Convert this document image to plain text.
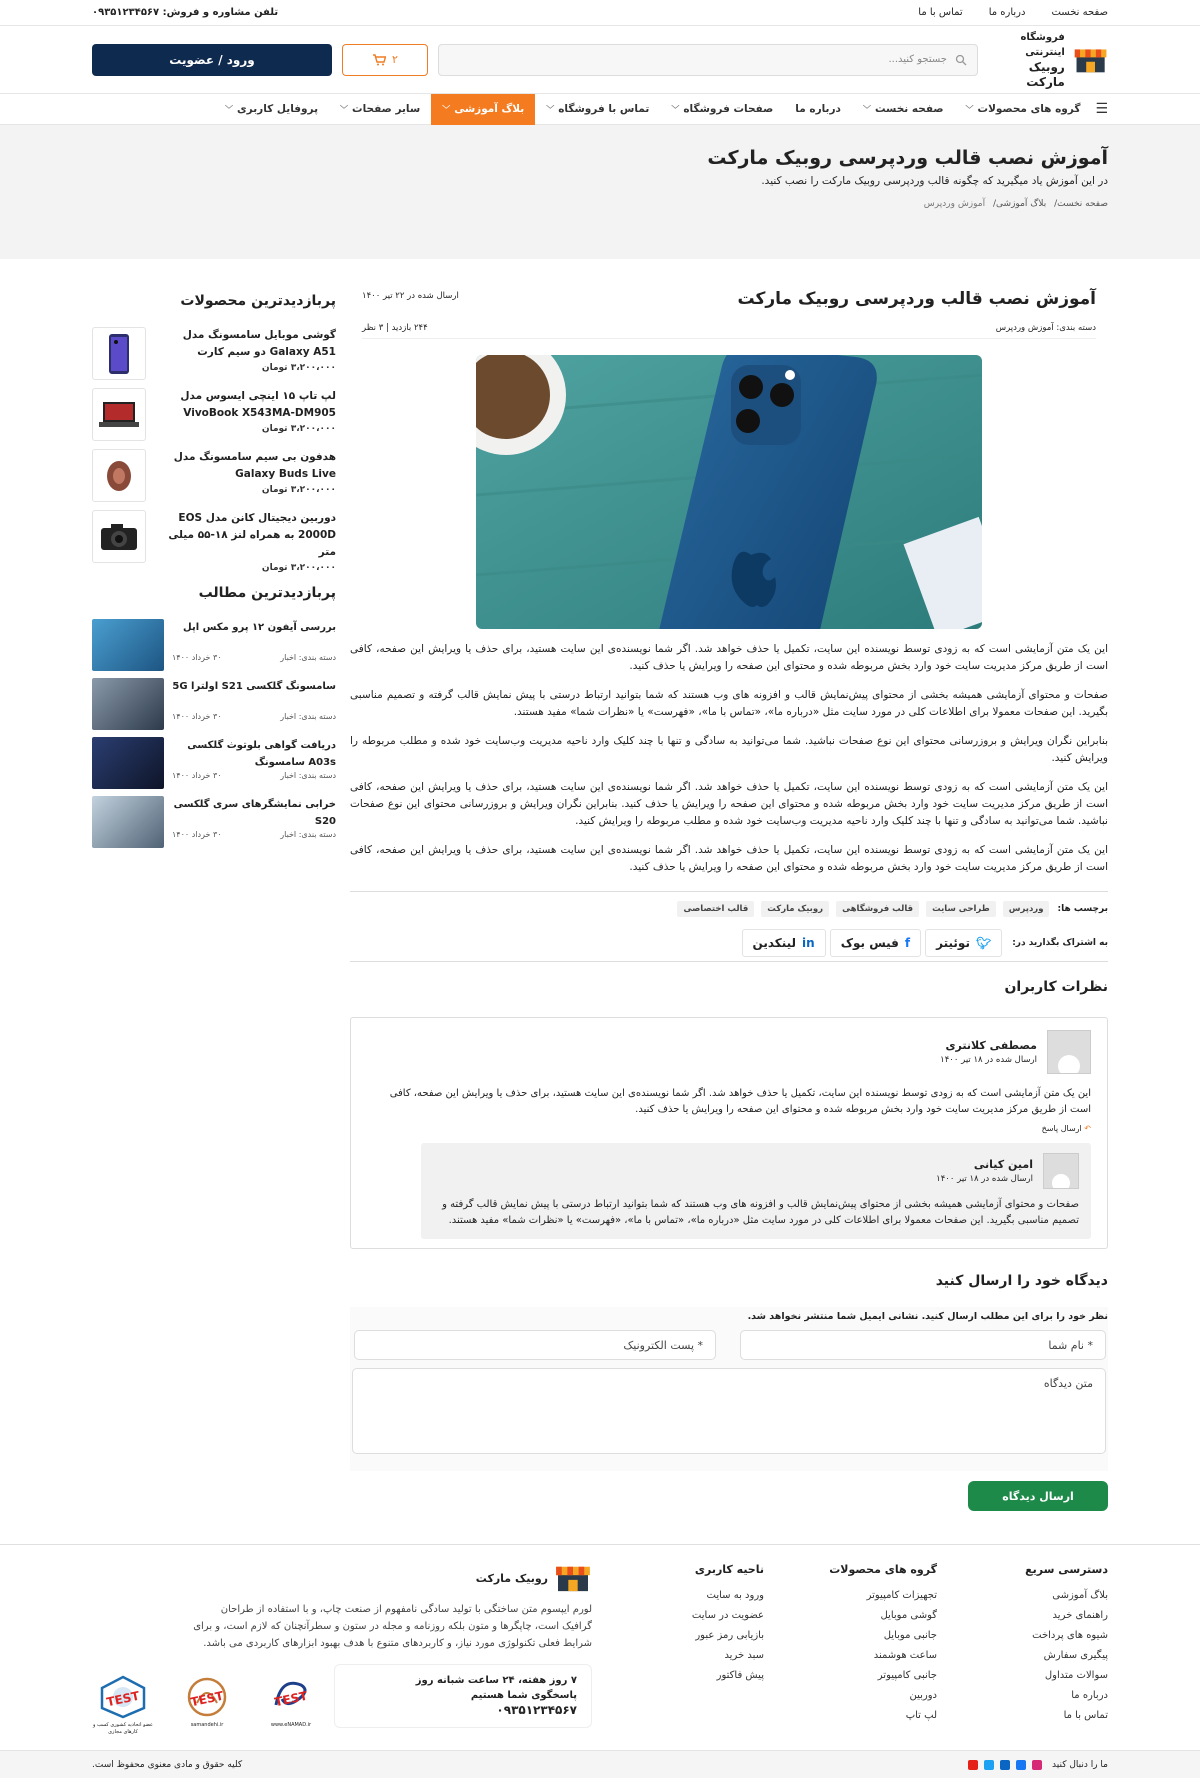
صفحه نخست
درباره ما
تماس با ما
تلفن مشاوره و فروش: ۰۹۳۵۱۲۳۴۵۶۷
فروشگاه اینترنتی
روبیک مارکت
جستجو کنید...
۲
ورود / عضویت
☰
گروه های محصولات
﹀
صفحه نخست
﹀
درباره ما
صفحات فروشگاه
﹀
تماس با فروشگاه
﹀
بلاگ آموزشی
﹀
سایر صفحات
﹀
پروفایل کاربری
﹀
آموزش نصب قالب وردپرسی روبیک مارکت

در این آموزش یاد میگیرید که چگونه قالب وردپرسی روبیک مارکت را نصب کنید.

صفحه نخست/ بلاگ آموزشی/ آموزش وردپرس
آموزش نصب قالب وردپرسی روبیک مارکت
ارسال شده در ۲۲ تیر ۱۴۰۰
دسته بندی: آموزش وردپرس
۲۴۴ بازدید | ۳ نظر

این یک متن آزمایشی است که به زودی توسط نویسنده این سایت، تکمیل یا حذف خواهد شد. اگر شما نویسنده‌ی این سایت هستید، برای حذف یا ویرایش این صفحه، کافی است از طریق مرکز مدیریت سایت خود وارد بخش مربوطه شده و محتوای این صفحه را ویرایش یا حذف کنید.

صفحات و محتوای آزمایشی همیشه بخشی از محتوای پیش‌نمایش قالب و افزونه های وب هستند که شما بتوانید ارتباط درستی با پیش نمایش قالب گرفته و تصمیم مناسبی بگیرید. این صفحات معمولا برای اطلاعات کلی در مورد سایت مثل «درباره ما»، «تماس با ما»، «فهرست» یا «نظرات شما» مفید هستند.

بنابراین نگران ویرایش و بروزرسانی محتوای این نوع صفحات نباشید. شما می‌توانید به سادگی و تنها با چند کلیک وارد ناحیه مدیریت وب‌سایت خود شده و مطلب مربوطه را ویرایش کنید.

این یک متن آزمایشی است که به زودی توسط نویسنده این سایت، تکمیل یا حذف خواهد شد. اگر شما نویسنده‌ی این سایت هستید، برای حذف یا ویرایش این صفحه، کافی است از طریق مرکز مدیریت سایت خود وارد بخش مربوطه شده و محتوای این صفحه را ویرایش یا حذف کنید. بنابراین نگران ویرایش و بروزرسانی محتوای این نوع صفحات نباشید. شما می‌توانید به سادگی و تنها با چند کلیک وارد ناحیه مدیریت وب‌سایت خود شده و مطلب مربوطه را ویرایش کنید.

این یک متن آزمایشی است که به زودی توسط نویسنده این سایت، تکمیل یا حذف خواهد شد. اگر شما نویسنده‌ی این سایت هستید، برای حذف یا ویرایش این صفحه، کافی است از طریق مرکز مدیریت سایت خود وارد بخش مربوطه شده و محتوای این صفحه را ویرایش یا حذف کنید.

برچسب ها:
وردپرس
طراحی سایت
قالب فروشگاهی
روبیک مارکت
قالب اختصاصی
به اشتراک بگذارید در:
🐦︎
توئیتر
f
فیس بوک
in
لینکدین
نظرات کاربران
مصطفی کلانتری
ارسال شده در ۱۸ تیر ۱۴۰۰
این یک متن آزمایشی است که به زودی توسط نویسنده این سایت، تکمیل یا حذف خواهد شد. اگر شما نویسنده‌ی این سایت هستید، برای حذف یا ویرایش این صفحه، کافی است از طریق مرکز مدیریت سایت خود وارد بخش مربوطه شده و محتوای این صفحه را ویرایش یا حذف کنید.
↶ ارسال پاسخ
امین کیانی
ارسال شده در ۱۸ تیر ۱۴۰۰
صفحات و محتوای آزمایشی همیشه بخشی از محتوای پیش‌نمایش قالب و افزونه های وب هستند که شما بتوانید ارتباط درستی با پیش نمایش قالب گرفته و تصمیم مناسبی بگیرید. این صفحات معمولا برای اطلاعات کلی در مورد سایت مثل «درباره ما»، «تماس با ما»، «فهرست» یا «نظرات شما» مفید هستند.
دیدگاه خود را ارسال کنید
نظر خود را برای این مطلب ارسال کنید. نشانی ایمیل شما منتشر نخواهد شد.
* نام شما
* پست الکترونیک
متن دیدگاه
ارسال دیدگاه
پربازدیدترین محصولات
گوشی موبایل سامسونگ مدل Galaxy A51 دو سیم کارت
۳،۲۰۰،۰۰۰ تومان
لپ تاپ ۱۵ اینچی ایسوس مدل VivoBook X543MA-DM905
۳،۲۰۰،۰۰۰ تومان
هدفون بی سیم سامسونگ مدل Galaxy Buds Live
۳،۲۰۰،۰۰۰ تومان
دوربین دیجیتال کانن مدل EOS 2000D به همراه لنز ۱۸-۵۵ میلی متر
۳،۲۰۰،۰۰۰ تومان
پربازدیدترین مطالب
بررسی آیفون ۱۲ پرو مکس اپل
دسته بندی: اخبار
۳۰ خرداد ۱۴۰۰
سامسونگ گلکسی S21 اولترا 5G
دسته بندی: اخبار
۳۰ خرداد ۱۴۰۰
دریافت گواهی بلوتوث گلکسی A03s سامسونگ
دسته بندی: اخبار
۳۰ خرداد ۱۴۰۰
خرابی نمایشگرهای سری گلکسی S20
دسته بندی: اخبار
۳۰ خرداد ۱۴۰۰
دسترسی سریع
بلاگ آموزشی
راهنمای خرید
شیوه های پرداخت
پیگیری سفارش
سوالات متداول
درباره ما
تماس با ما
گروه های محصولات
تجهیزات کامپیوتر
گوشی موبایل
جانبی موبایل
ساعت هوشمند
جانبی کامپیوتر
دوربین
لپ تاپ
ناحیه کاربری
ورود به سایت
عضویت در سایت
بازیابی رمز عبور
سبد خرید
پیش فاکتور
روبیک مارکت
لورم ایپسوم متن ساختگی با تولید سادگی نامفهوم از صنعت چاپ، و با استفاده از طراحان گرافیک است، چاپگرها و متون بلکه روزنامه و مجله در ستون و سطرآنچنان که لازم است، و برای شرایط فعلی تکنولوژی مورد نیاز، و کاربردهای متنوع با هدف بهبود ابزارهای کاربردی می باشد.
۷ روز هفته، ۲۴ ساعت شبانه روز
پاسخگوی شما هستیم
۰۹۳۵۱۲۳۴۵۶۷
TEST
عضو اتحادیه کشوری کسب و کارهای مجازی
TEST
samandehi.ir
TEST
www.eNAMAD.ir
ما را دنبال کنید
کلیه حقوق و مادی معنوی محفوظ است.
